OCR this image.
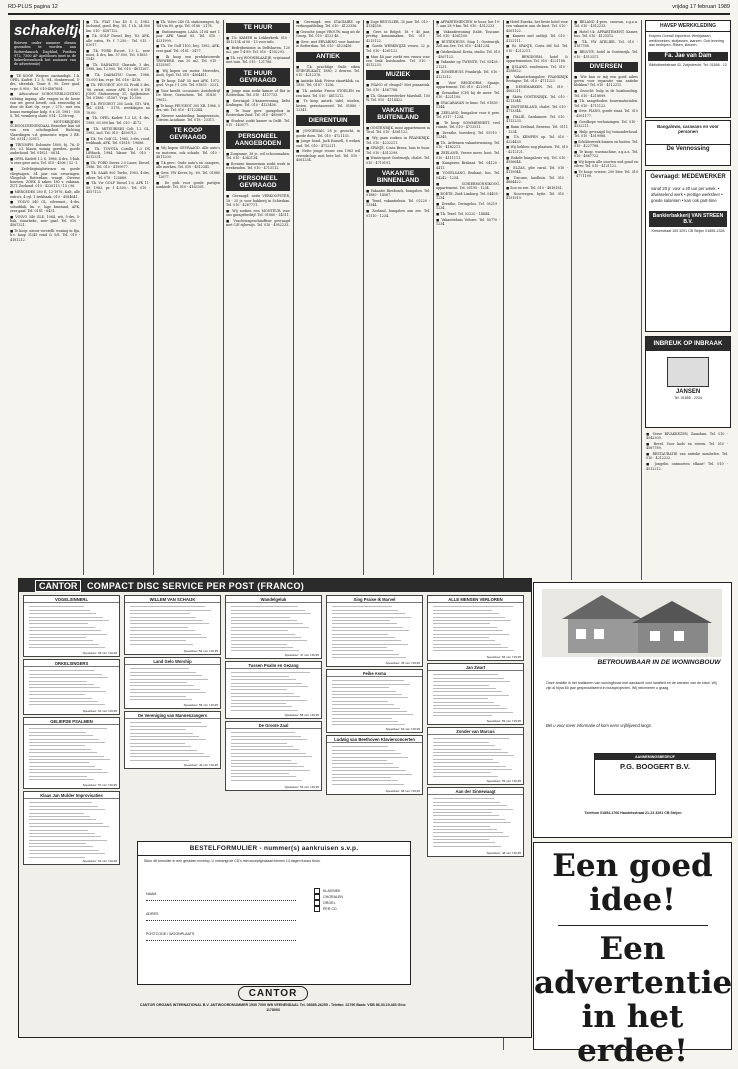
RD-PLUS pagina 12	vrijdag 17 februari 1989
schakeltjes
Brieven onder nummer dienen gezonden te worden aan Rotterdamsch Dagblad, Postbus 972, 7300 AP Apeldoorn (met in de linkerbovenhoek het nummer van de advertentie)

■ TE KOOP. Wegens omstandigh. 1.b. OPEL Kadett 1.2 S, '84, donkerrood, 5-drs, sfeerdak, Touw 8, 90. Zeer gaaf, vr.pr. 8.950,-. Tel. 010-4567654.

■ Advocatuur SCHOUVERLICHTING richting ingang, alle vragen in de beste van uw geest beseft, ook eenvoudig al door de Kort Op. vr.pr. / 275,- met een bonus exemplaar hulp. 8 x 20, 1981 - 550 S, Tel. wemberg sluits. 014 - 1256-rnp.

■ MOTORRIJDEN SCHOOLVEENENDAAL Bezoeker kan uit van een scholingsbod. Richting Vlaardingen v.d. gemeente tegen 3 BE. Tel. 0314 / 32011.

■ TRIUMPH. Dolomite 1800, bj. 76, 4-drs, o.l. blauw, weinig gereden, goede onderhoud. Tel. 01821 - 0614.

■ OPEL Kadett 1.2 S, 1986, 4 drs, 5-bak, 'n zeer gave auto. Tel. 010 - 4506 / 52 -1.

■ Zeilvliegtuigbetrouw en goede vliegtuigen, 34 jaar van ervaringen. Vliegclub Rotterdam vraagt. Diverse bouwen. ZOEK 4 zaken 180 v. vakman. ZUT. Zoekend. 010 - 4220113 / 15 / 96.

■ MERCEDES 280 E, 12-1976, Kalt, alle extra's, 4 cyl. 1 trekhaak. 010 - 4584641.

■ VOLVO 340 GL, zilvermet., 4-drs, schuifdak, lm. v., lage kmstand, APK, zeer gaaf. Tel. 0181 - 6431.

■ VOLVO 340 GLE, 1984, wit, 5-drs, 5-bak, stuurbekr., zeer gaaf. Tel. 010 - 4567321.

■ Te koop: nieuw verstelb. woning in fijn, b.v. koop 31/45 rond & 5/8. Tel. 010 - 4181212.

■ T.k. FIAT Uno 45 S 5, 1983. Inclusief, goed. Bwj. '85, 1 t.h. 24.000 km. 010 - 4587122.

■ T.k. GOLF Diesel, Bwj. '83, APK, alle extra, Pr. f 7.250,-. Tel. 015 - 62017.

■ T.k. FORD Escort, 1.3 L., zeer mooi, 4 drs, km. 57.000, Tel. 01855 - 1543.

■ T.k. DAIHATSU Charade, 3 drs, 1988, km. 12.000, Tel. 010 - 4811267.

■ T.k. DAIHATSU Cuore, 1986, 15.000 km, vr.pr. Tel. 016 - 4316.

■ T.k. PEUGEOT 309 GL Profil 3 drs. '86. zwart, nieuw APK 1-6-89. 6 DE JONG Stationsweg 31, Spijkenisse. Tel. 01880 - 31567. Vr.pr. 10.500.

■ T.k. PEUGEOT 205 Look, GTi. Wit, Tel. 0184 - 5178, weekdagen na 18.00.

■ T.k. OPEL Kadett 1.3 LS, 4 drs, 1985, 63.000 km. Tel. 010 - 4172.

■ T.k. MITSUBISHI Colt 1.2 GL, 1983, incl. Tel. 010 - 4556712.

■ T.k. Vw Golf CL. 1985, 3-drs, rood, trekhaak, APK, Tel. 01818 - 19686.

■ T.k. TOYOTA Corolla 1.3 DX Liftback, 1984, blauw. Tel. 010 - 4212331.

■ T.k. FORD Sierra 2.0 Laser, Diesel, 1986. Tel. 010 - 4199977.

■ T.k. SAAB 900 Turbo, 1983, 4-drs, zilver. Tel. 078 - 125689.

■ T.k. Vw GOLF Diesel 1.6, APK 11-89, 1983, pr. f 4.500,-. Tel. 010 - 4557123.

■ T.k. Volvo 240 GL stationwagen, bj. '84 t/m 89, grijs. Tel. 0186 - 2178.

■ Stationswagen LADA 2104 met 1 jaar APK Vanaf 85. Tel. 010 - 4231999.

■ T.k. Vw Golf 1100, bwj. 1982, APK, zeer gaaf. Tel. 0181 - 3477.

■ Ik koop een prefabriceerde TROWERD, van 20 m2. Tel. 015 - 4125567.

■ Wij kopen uw motor. Mercedes, Audi, Opel. Tel. 010 - 4564411.

■ Te koop: DAF 55 met APK, 1972, geel. Vr.pr. f 1.200. Tel. 01855 - 3231.

■ Voor kwalit. occasions: Autobedrijf De Meer, Gorinchem. Tel. 01830 - 19612.

■ Te koop PEUGEOT 205 XR, 1986, 5 drs, wit. Tel. 010 - 4712344.

■ Nieuwe aanbieding: kampeerauto, Citroen Acadiane. Tel. 018 - 23311.

TE KOOP GEVRAAGD

■ Wij kopen GEVRAAGD. Alle auto's en motoren, ook schade. Tel. 010 - 4811200.

■ T.k.gevr.: Oude auto's en campers, alle merken. Tel. 010 - 4512341.

■ Gevr. VW Kever, bj. '69. Tel. 01880 - 12677.

■ De gids voor goede partijen aanbiedt. Tel. 010 - 4163301.

TE HUUR

■ T.h. KAMER in Lekkerkerk. 010 - 4812134 of 06 - 13 voor info.

■ Bedrijfsruimte in Delfshaven, 120 m2, per 1-4-89. Tel. 010 - 4762293.

■ T.h. vrij WOONBLAADJE, vrijstaand met tuin. Tel. 015 - 121786.

TE HUUR GEVRAAGD

■ Jonge man zoekt kamer of flat in Rotterdam. Tel. 010 - 4157733.

■ Gevraagd: 3-kamerwoning, liefst Kralingen. Tel. 010 - 4123456.

■ Te huur gevr. garagebox in Rotterdam-Zuid. Tel. 010 - 4856677.

■ Student zoekt kamer in Delft. Tel. 015 - 143577.

PERSONEEL AANGEBODEN

■ Zorgzame, 38 jr., wil schoonmaken. Tel. 010 - 4342134.

■ Ervaren timmerman zoekt werk in weekenden. Tel. 010 - 4713112.

PERSONEEL GEVRAAGD

■ Gevraagd: nette VERKOOPSTER, 18 - 25 jr, voor bakkerij in Schiedam. Tel. 010 - 4267711.

■ Wij zoeken een MONTEUR voor ons garagebedrijf. Tel. 01880 - 14511.

■ Vrachtwagenchauffeur gevraagd met C/E rijbewijs. Tel. 010 - 4952233.

■ Gevraagd: een STAGIAIRE op verkoopafdeling. Tel. 010 - 4123356.

■ Gezocht: jonge VROUW, mag uit de Groep, Tel. 010 - 4123 48.

■ Gevr. met ERVARING voor kantoor in Rotterdam. Tel. 010 - 4123456.

ANTIEK

■ T.k. prachtige Oude eiken SPIEGELKAST, 1880, 2 deuren. Tel. 010 - 4212376.

■ Antieke klok, Friese staartklok, ca. 1850. Tel. 0187 - 1256.

■ T.k. antieke Friese STOELEN en een kast. Tel. 010 - 4811212.

■ Te koop antiek: tafel, stoelen, kisten, gerestaureerd. Tel. 01880 - 12341.

DIERENTUIN

■ JONGEMAN, 28 jr. gezocht, in goede doen. Tel. 010 - 4721133.

■ Jonge hond, Jack Russell, 8 weken oud. Tel. 010 - 4712211.

■ Nette jonge vrouw van 1983 wil vriendschap met bete bel. Tel. 010 - 4561234.

■ Zoge REGULIER, 35 jaar. Tel. 010 - 4134556.

■ Gevr. in België, 18 + 40 jaar, prettig kennismaken. Tel. 010 - 4213122.

■ Goede WERKWIJZE vrouw, 32 jr. Tel. 010 - 4261122.

■ Man 48 jaar zoekt een vrouw voor een leuk huishouden. Tel. 010 - 4512233.

MUZIEK

■ PIANO of vleugel? Met pinanstuk. Tel. 010 - 4567788.

■ T.k. Gitaarversterker Marshall, 100 W. Tel. 010 - 4114422.

VAKANTIE BUITENLAND

■ OOSTENRIJK, mooi appartement in Tirol. Tel. 010 - 4561122.

■ Wij gaan zoeken in FRANKRIJK. Tel. 010 - 4232211.

■ SPANJE, Costa Brava, huis te huur. Tel. 010 - 4512299.

■ Wintersport Oostenrijk, chalet. Tel. 010 - 4719191.

VAKANTIE BINNENLAND

■ Vakantie Biesbosch, bungalow. Tel. 01880 - 14567.

■ Texel, vakantiehuis. Tel. 02220 - 13344.

■ Zeeland, bungalow aan zee. Tel. 01110 - 1234.

■ APPARTEMENTEN te huur, het 19-7, aan 28-9 km. Tel. 010 - 4512233.

■ Vakantiewoning Italië, Toscane. Tel. 010 - 4561100.

■ BUITENHUIS. Stap 1: Oostenrijk, Zell am See. Tel. 010 - 4341234.

■ Griekenland, Kreta, studio. Tel. 010 - 4567123.

■ Vakantie op TWENTE. Tel. 05438 - 21231.

■ ZOMERHUIS Frankrijk. Tel. 010 - 4121312.

■ Voor BENIDORM, Spanje, appartement. Tel. 010 - 4229911.

■ Grenadine (CH) bij de meer. Tel. 010 - 4221100.

■ STACARAVAN te huur. Tel. 01855 - 1344.

■ ZEELAND, bungalow voor 6 pers. Tel. 0117 - 1234.

■ Te koop: SOMMERNEST, veel ruimte. Tel. 010 - 4713311.

■ Drenthe, boerderij. Tel. 05910 - 12345.

■ T.h. Ardennen vakantiewoning. Tel. 010 - 4182211.

■ ZEELAND, Veerse meer, boot. Tel. 010 - 4111111.

■ Kamperen Brabant. Tel. 04120 - 4411.

■ VOGELSANG, Brabant, bos. Tel. 04242 - 1234.

■ SCHIERMONNIKOOG, appartement. Tel. 05195 - 1234.

■ BOETE, Zuid-Limburg. Tel. 04455 - 1234.

■ Drenthe, Dwingeloo. Tel. 05219 - 1234.

■ T.k. Texel. Tel. 02220 - 14444.

■ Vakantiehuis Veluwe. Tel. 05770 - 1234.

■ Hotel Eureka, het beste hotel voor een vakantie aan de kust. Tel. 010 - 4561122.

■ Kamers met ontbijt. Tel. 010 - 4122111.

■ Ri. SPANJE, Costa del Sol. Tel. 010 - 4212211.

■ BENIDORM, hotel & appartementen. Tel. 010 - 4221188.

■ IJSLAND, rondreizen. Tel. 010 - 4558822.

■ Vakantiebungalow FRANKRIJK Bretagne. Tel. 010 - 4711223.

■ DENEMARKEN. Tel. 010 - 4662211.

■ Skiën OOSTENRIJK. Tel. 010 - 4213344.

■ ZWITSERLAND, chalet. Tel. 010 - 4713344.

■ ITALIË, Gardameer. Tel. 010 - 4112233.

■ Ruim Zeeland, Renesse. Tel. 0111 - 1234.

■ T.h. KEMPEN op. Tel. 010 - 4224433.

■ Wij hebben nog plaatsen. Tel. 010 - 4212121.

■ Enkele bungalows vrij. Tel. 010 - 4556644.

■ ELZAS, gîte rural. Tel. 010 - 4119944.

■ Toscane, landhuis. Tel. 010 - 4664422.

■ Zon en zee. Tel. 010 - 4818181.

■ Noorwegen, hytte. Tel. 010 - 4191919.

■ BELAND 4-pers. caravan, z.g.a.n. Tel. 010 - 4512233.

■ Hotel t.k. APPARTEMENT, Kamer, bus. Tel. 010 - 4125512.

■ T.k. VW ATELIER. Tel. 010 - 4167788.

■ BELVUE, hotel in Oostenrijk. Tel. 010 - 4513311.

DIVERSEN

■ Wie kan er mij een goed adres geven voor reparatie van antieke klokken? Tel. 010 - 4112211.

■ Gezocht: hulp in de huishouding. Tel. 010 - 4218899.

■ T.k. aangeboden: bouwmaterialen. Tel. 010 - 4711122.

■ Gevr. PIANO, goede staat. Tel. 010 - 4561177.

■ Goedkope verhuizingen. Tel. 010 - 4332211.

■ Hulp gevraagd bij tuinonderhoud. Tel. 010 - 4519988.

■ Schilderwerk binnen en buiten. Tel. 010 - 4227788.

■ Te koop: wasmachine, z.g.a.n. Tel. 010 - 4667722.

■ Wij kopen alle soorten oud goud en zilver. Tel. 010 - 4121122.

■ Te koop: vriezer, 200 liter. Tel. 010 - 4771199.

HAVEP WERKKLEDING
Kuipers Overall Importeur. Werkjassen, werkbroeken, stofjassen, laarzen. Ook levering aan bedrijven. Ritsen, kleuren.
Fa. Jae van Dam
Bibliotheekstraat 43, Zwijndrecht. Tel. 01846 - 12
Bangalows, caravans en voor personen
De Vennossing
Gevraagd: MEDEWERKER
vanaf 20 jr. voor ± 40 uur per week. • afwisselend werk • prettige werksfeer • goede salarisen • kan ook part-time
Bankierbakkerij VAN STREEN B.V.
Krekerstraat 153 3291 CB Strijen 01855-1328
INBREUK OP INBRAAK
JANSEN
Tel. 01855 - 2234

■ Verse BIVAKKEZEN, Zaandam. Tel. 010 - 4542300.

■ Bevel. Voor kods en eieren. Tel. 010 - 4567789.

■ RESTAURATIE van antieke meubelen. Tel. 010 - 4212222.

■ Jongelui ontmoeten elkaar! Tel. 010 - 4512212.

BETROUWBAAR IN DE WONINGBOUW
Onze ambitie is het realiseren van woningbouw met aandacht voor kwaliteit en de wensen van de klant. Wij zijn al bijna 60 jaar gespecialiseerd in bouwprojecten. Wij informeren u graag.
Bel u voor meer informatie of kom eens vrijblijvend langs.
AANNEMINGSBEDRIJF
P.G. BOOGERT B.V.
Telefoon 01854-1766 Handelsstraat 21-23 3291 CB Strijen
Een goed
idee!
Een
advertentie
in het erdee!
CANTOR	COMPACT DISC SERVICE PER POST (FRANCO)
VOGELSINNERL
Speelduur: 66 min f 29,95
ORKELSINGERS
Speelduur: 51 min f 29,95
GELIEFDE PSALMEN
Speelduur: 57 min f 29,95
Klaas Jan Mulder Improvisaties
Speelduur: 62 min f 29,95
WILLEM VAN SCHAIJK
Speelduur: 54 min f 29,95
Land Gelo Worship
Speelduur: 55 min f 29,95
De Vereniging van Mannenzangers
Speelduur: 49 min f 29,95
Wandelgeluk
Speelduur: 47 min f 29,95
Tussen Psalm en Gezang
Speelduur: 58 min f 29,95
De Groote Zaal
Speelduur: 52 min f 29,95
Sing Praise Ik Marvel
Speelduur: 45 min f 29,95
Feike Asma
Speelduur: 64 min f 29,95
Ludwig van Beethoven Klavierconcerten
Speelduur: 68 min f 29,95
ALLE MENSEN VERLOREN
Speelduur: 56 min f 29,95
Jan Zwart
Speelduur: 59 min f 29,95
Zonder van Marcus
Speelduur: 53 min f 29,95
Aan der Sinnewaagt
Speelduur: 48 min f 29,95
BESTELFORMULIER - nummer(s) aankruisen s.v.p.
Stuur dit formulier in een gesloten envelop. U ontvangt de CD's met acceptgirokaart binnen 14 dagen franco thuis.
NAAM
ADRES
POSTCODE / WOONPLAATS
KLASSIEK
CHORALEN
ORGEL
PER CD
CANTOR
CANTOR ORGANS INTERNATIONAL B.V. ANTWOORDNUMMER 1530 7000 WB VEENENDAAL Tel. 08385-26255 - Telefax: 22790 Bank: VSB 86.33.19.483 Giro: 1178093
